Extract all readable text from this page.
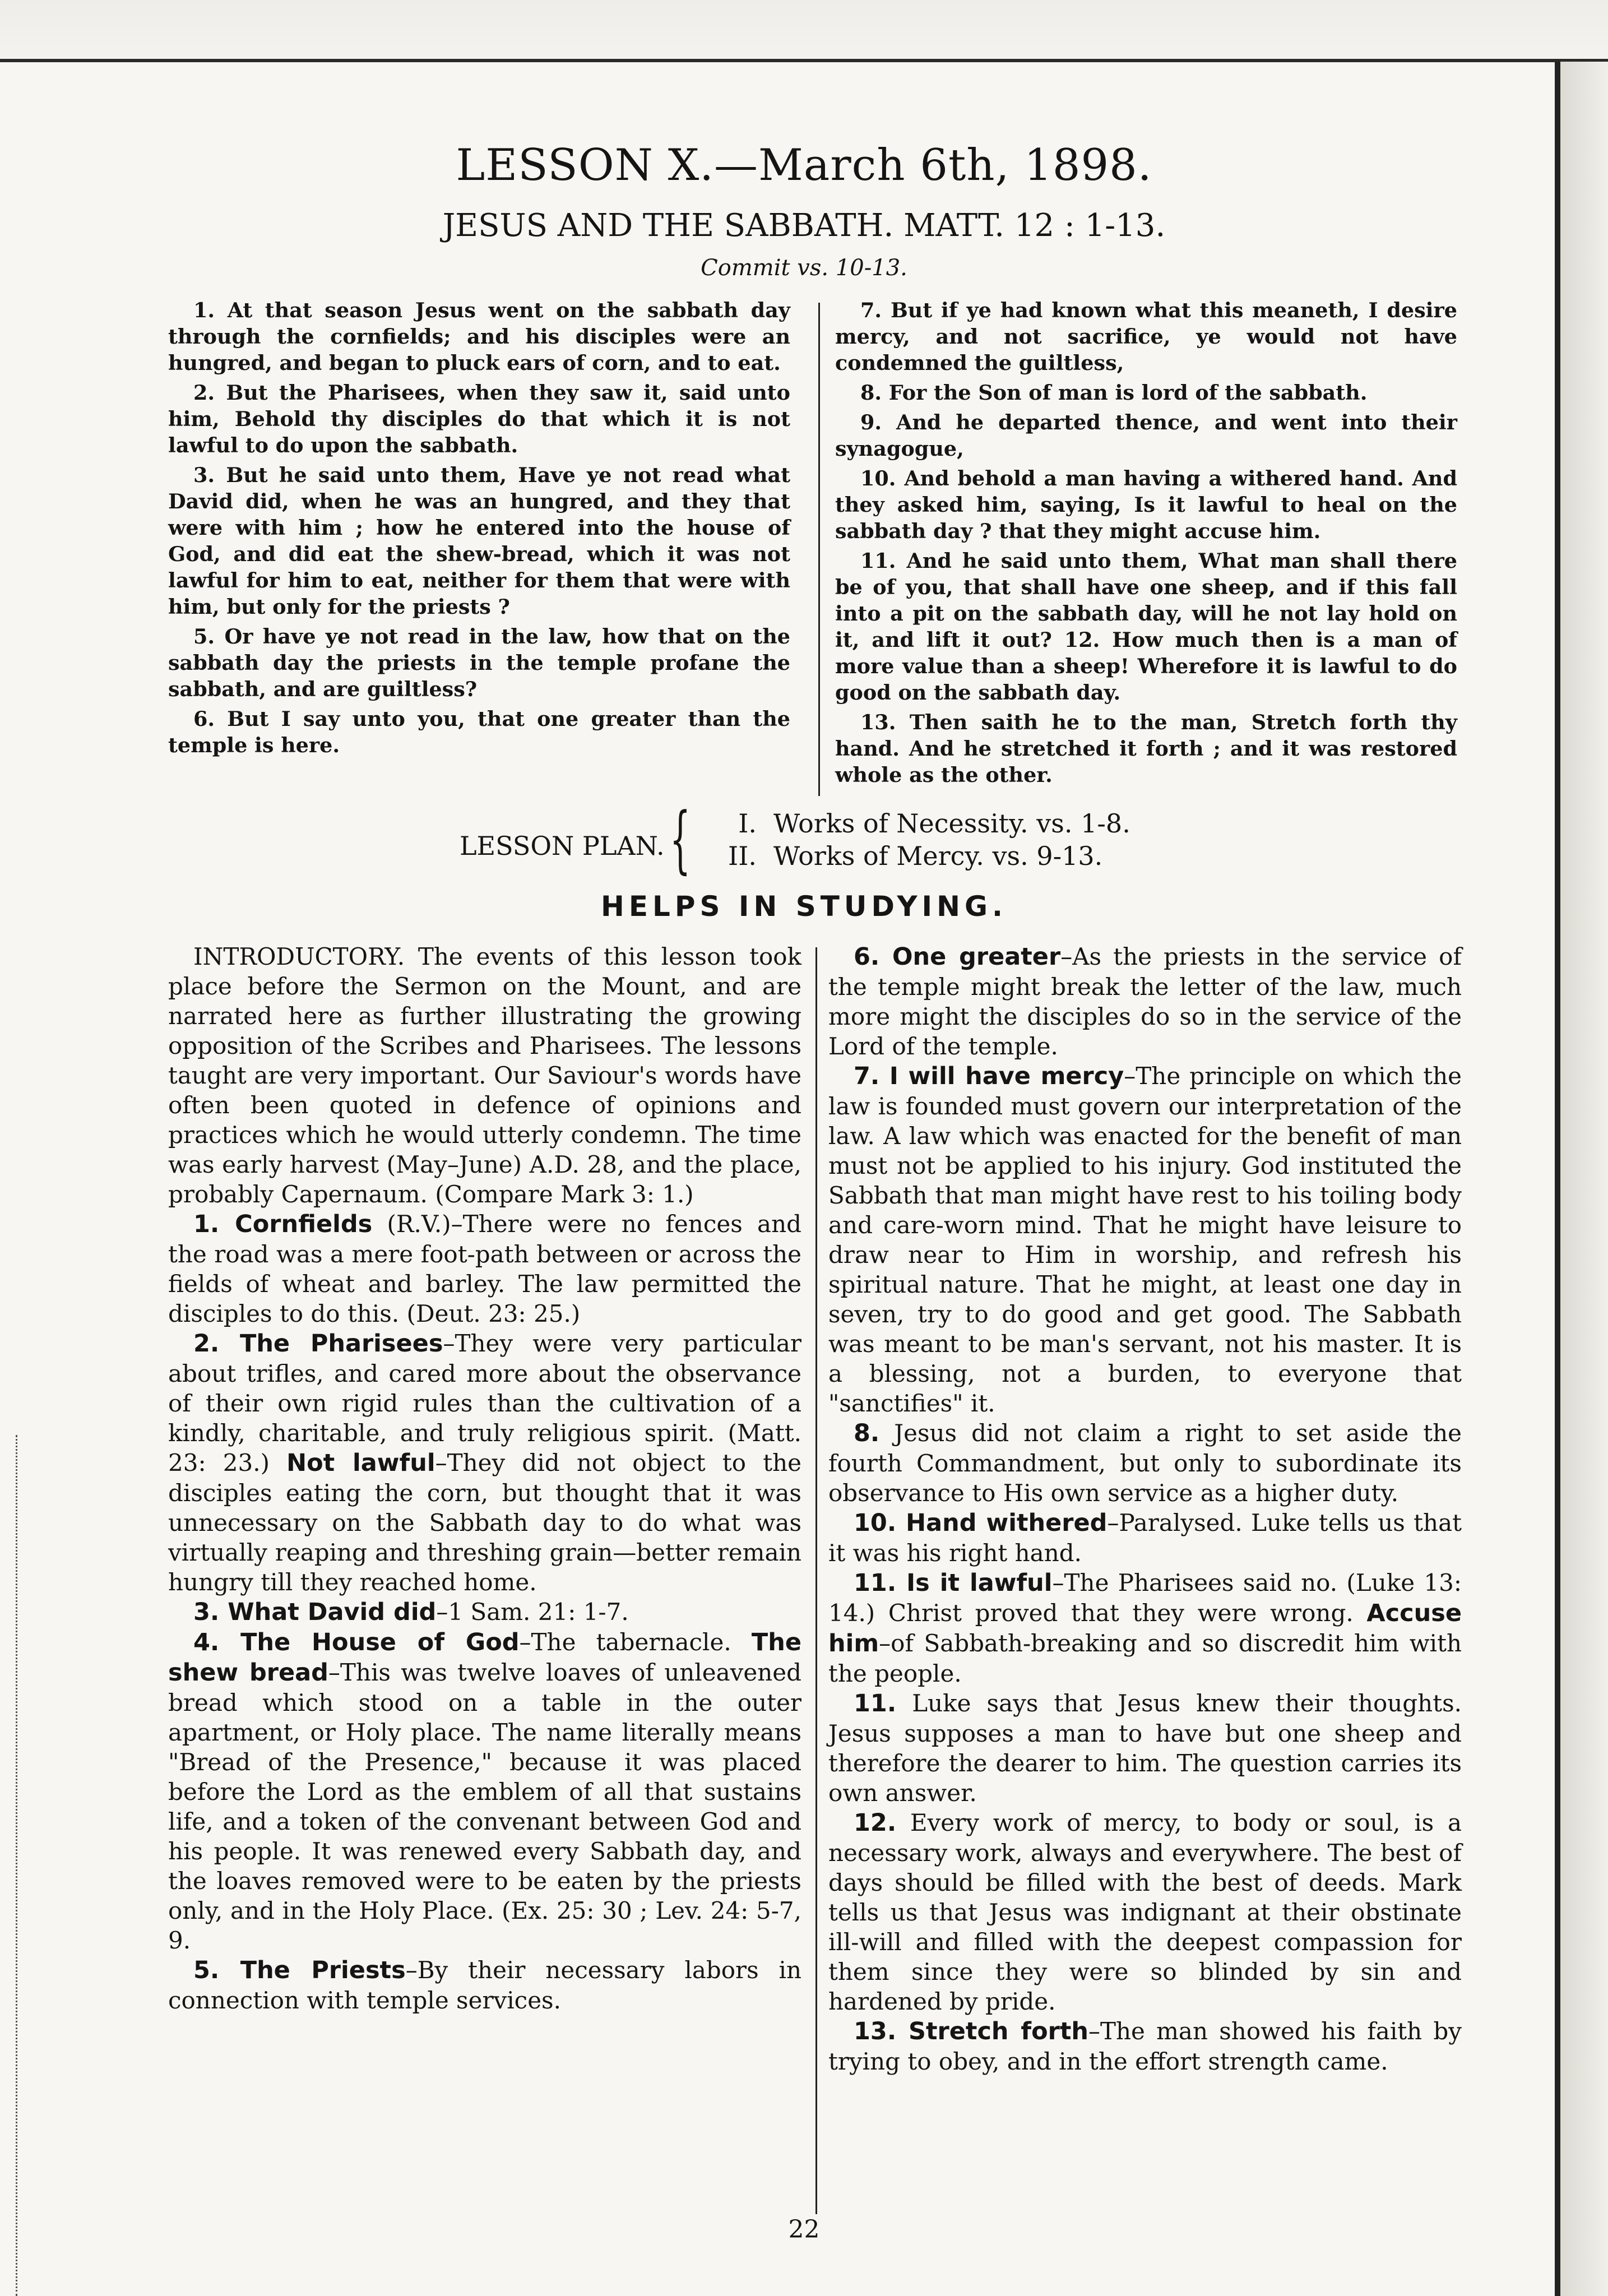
LESSON X.—March 6th, 1898.
JESUS AND THE SABBATH. MATT. 12 : 1-13.
Commit vs. 10-13.

1. At that season Jesus went on the sabbath day through the cornfields; and his disciples were an hungred, and began to pluck ears of corn, and to eat.

2. But the Pharisees, when they saw it, said unto him, Behold thy disciples do that which it is not lawful to do upon the sabbath.

3. But he said unto them, Have ye not read what David did, when he was an hungred, and they that were with him ; how he entered into the house of God, and did eat the shew-bread, which it was not lawful for him to eat, neither for them that were with him, but only for the priests ?

5. Or have ye not read in the law, how that on the sabbath day the priests in the temple profane the sabbath, and are guiltless?

6. But I say unto you, that one greater than the temple is here.

7. But if ye had known what this meaneth, I desire mercy, and not sacrifice, ye would not have condemned the guiltless,

8. For the Son of man is lord of the sabbath.

9. And he departed thence, and went into their synagogue,

10. And behold a man having a withered hand. And they asked him, saying, Is it lawful to heal on the sabbath day ? that they might accuse him.

11. And he said unto them, What man shall there be of you, that shall have one sheep, and if this fall into a pit on the sabbath day, will he not lay hold on it, and lift it out? 12. How much then is a man of more value than a sheep! Wherefore it is lawful to do good on the sabbath day.

13. Then saith he to the man, Stretch forth thy hand. And he stretched it forth ; and it was restored whole as the other.

LESSON PLAN. {	I. Works of Necessity. vs. 1-8.
II. Works of Mercy. vs. 9-13.
HELPS IN STUDYING.

INTRODUCTORY. The events of this lesson took place before the Sermon on the Mount, and are narrated here as further illustrating the growing opposition of the Scribes and Pharisees. The lessons taught are very important. Our Saviour's words have often been quoted in defence of opinions and practices which he would utterly condemn. The time was early harvest (May–June) A.D. 28, and the place, probably Capernaum. (Compare Mark 3: 1.)

1. Cornfields (R.V.)–There were no fences and the road was a mere foot-path between or across the fields of wheat and barley. The law permitted the disciples to do this. (Deut. 23: 25.)

2. The Pharisees–They were very particular about trifles, and cared more about the observance of their own rigid rules than the cultivation of a kindly, charitable, and truly religious spirit. (Matt. 23: 23.) Not lawful–They did not object to the disciples eating the corn, but thought that it was unnecessary on the Sabbath day to do what was virtually reaping and threshing grain—better remain hungry till they reached home.

3. What David did–1 Sam. 21: 1-7.

4. The House of God–The tabernacle. The shew bread–This was twelve loaves of unleavened bread which stood on a table in the outer apartment, or Holy place. The name literally means "Bread of the Presence," because it was placed before the Lord as the emblem of all that sustains life, and a token of the convenant between God and his people. It was renewed every Sabbath day, and the loaves removed were to be eaten by the priests only, and in the Holy Place. (Ex. 25: 30 ; Lev. 24: 5-7, 9.

5. The Priests–By their necessary labors in connection with temple services.

6. One greater–As the priests in the service of the temple might break the letter of the law, much more might the disciples do so in the service of the Lord of the temple.

7. I will have mercy–The principle on which the law is founded must govern our interpretation of the law. A law which was enacted for the benefit of man must not be applied to his injury. God instituted the Sabbath that man might have rest to his toiling body and care-worn mind. That he might have leisure to draw near to Him in worship, and refresh his spiritual nature. That he might, at least one day in seven, try to do good and get good. The Sabbath was meant to be man's servant, not his master. It is a blessing, not a burden, to everyone that "sanctifies" it.

8. Jesus did not claim a right to set aside the fourth Commandment, but only to subordinate its observance to His own service as a higher duty.

10. Hand withered–Paralysed. Luke tells us that it was his right hand.

11. Is it lawful–The Pharisees said no. (Luke 13: 14.) Christ proved that they were wrong. Accuse him–of Sabbath-breaking and so discredit him with the people.

11. Luke says that Jesus knew their thoughts. Jesus supposes a man to have but one sheep and therefore the dearer to him. The question carries its own answer.

12. Every work of mercy, to body or soul, is a necessary work, always and everywhere. The best of days should be filled with the best of deeds. Mark tells us that Jesus was indignant at their obstinate ill-will and filled with the deepest compassion for them since they were so blinded by sin and hardened by pride.

13. Stretch forth–The man showed his faith by trying to obey, and in the effort strength came.

22
